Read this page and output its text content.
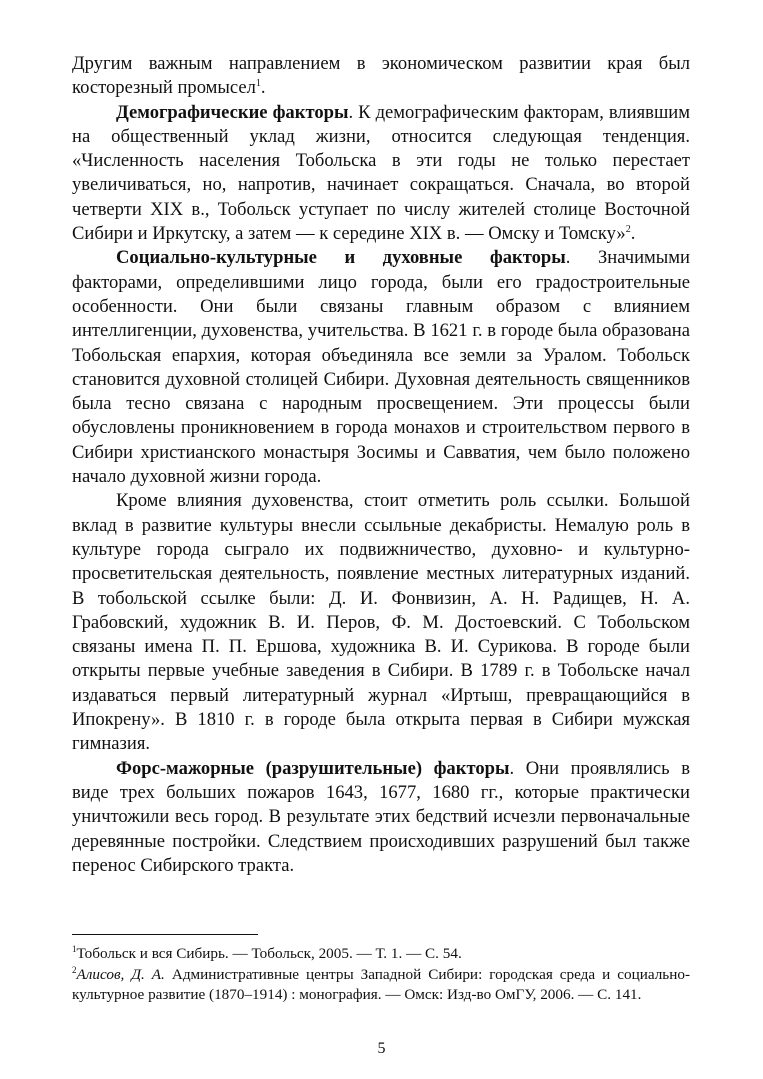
Другим важным направлением в экономическом развитии края был косторезный промысел$^1$.

Демографические факторы. К демографическим факторам, влиявшим на общественный уклад жизни, относится следующая тенденция. «Численность населения Тобольска в эти годы не только перестает увеличиваться, но, напротив, начинает сокращаться. Сначала, во второй четверти XIX в., Тобольск уступает по числу жителей столице Восточной Сибири и Иркутску, а затем — к середине XIX в. — Омску и Томску»$^2$.

Социально-культурные и духовные факторы. Значимыми факторами, определившими лицо города, были его градостроительные особенности. Они были связаны главным образом с влиянием интеллигенции, духовенства, учительства. В 1621 г. в городе была образована Тобольская епархия, которая объединяла все земли за Уралом. Тобольск становится духовной столицей Сибири. Духовная деятельность священников была тесно связана с народным просвещением. Эти процессы были обусловлены проникновением в города монахов и строительством первого в Сибири христианского монастыря Зосимы и Савватия, чем было положено начало духовной жизни города.

Кроме влияния духовенства, стоит отметить роль ссылки. Большой вклад в развитие культуры внесли ссыльные декабристы. Немалую роль в культуре города сыграло их подвижничество, духовно- и культурно-просветительская деятельность, появление местных литературных изданий. В тобольской ссылке были: Д. И. Фонвизин, А. Н. Радищев, Н. А. Грабовский, художник В. И. Перов, Ф. М. Достоевский. С Тобольском связаны имена П. П. Ершова, художника В. И. Сурикова. В городе были открыты первые учебные заведения в Сибири. В 1789 г. в Тобольске начал издаваться первый литературный журнал «Иртыш, превращающийся в Ипокрену». В 1810 г. в городе была открыта первая в Сибири мужская гимназия.

Форс-мажорные (разрушительные) факторы. Они проявлялись в виде трех больших пожаров 1643, 1677, 1680 гг., которые практически уничтожили весь город. В результате этих бедствий исчезли первоначальные деревянные постройки. Следствием происходивших разрушений был также перенос Сибирского тракта.

$^1$Тобольск и вся Сибирь. — Тобольск, 2005. — Т. 1. — С. 54.

$^2$Алисов, Д. А. Административные центры Западной Сибири: городская среда и социально-культурное развитие (1870–1914) : монография. — Омск: Изд-во ОмГУ, 2006. — С. 141.

5
